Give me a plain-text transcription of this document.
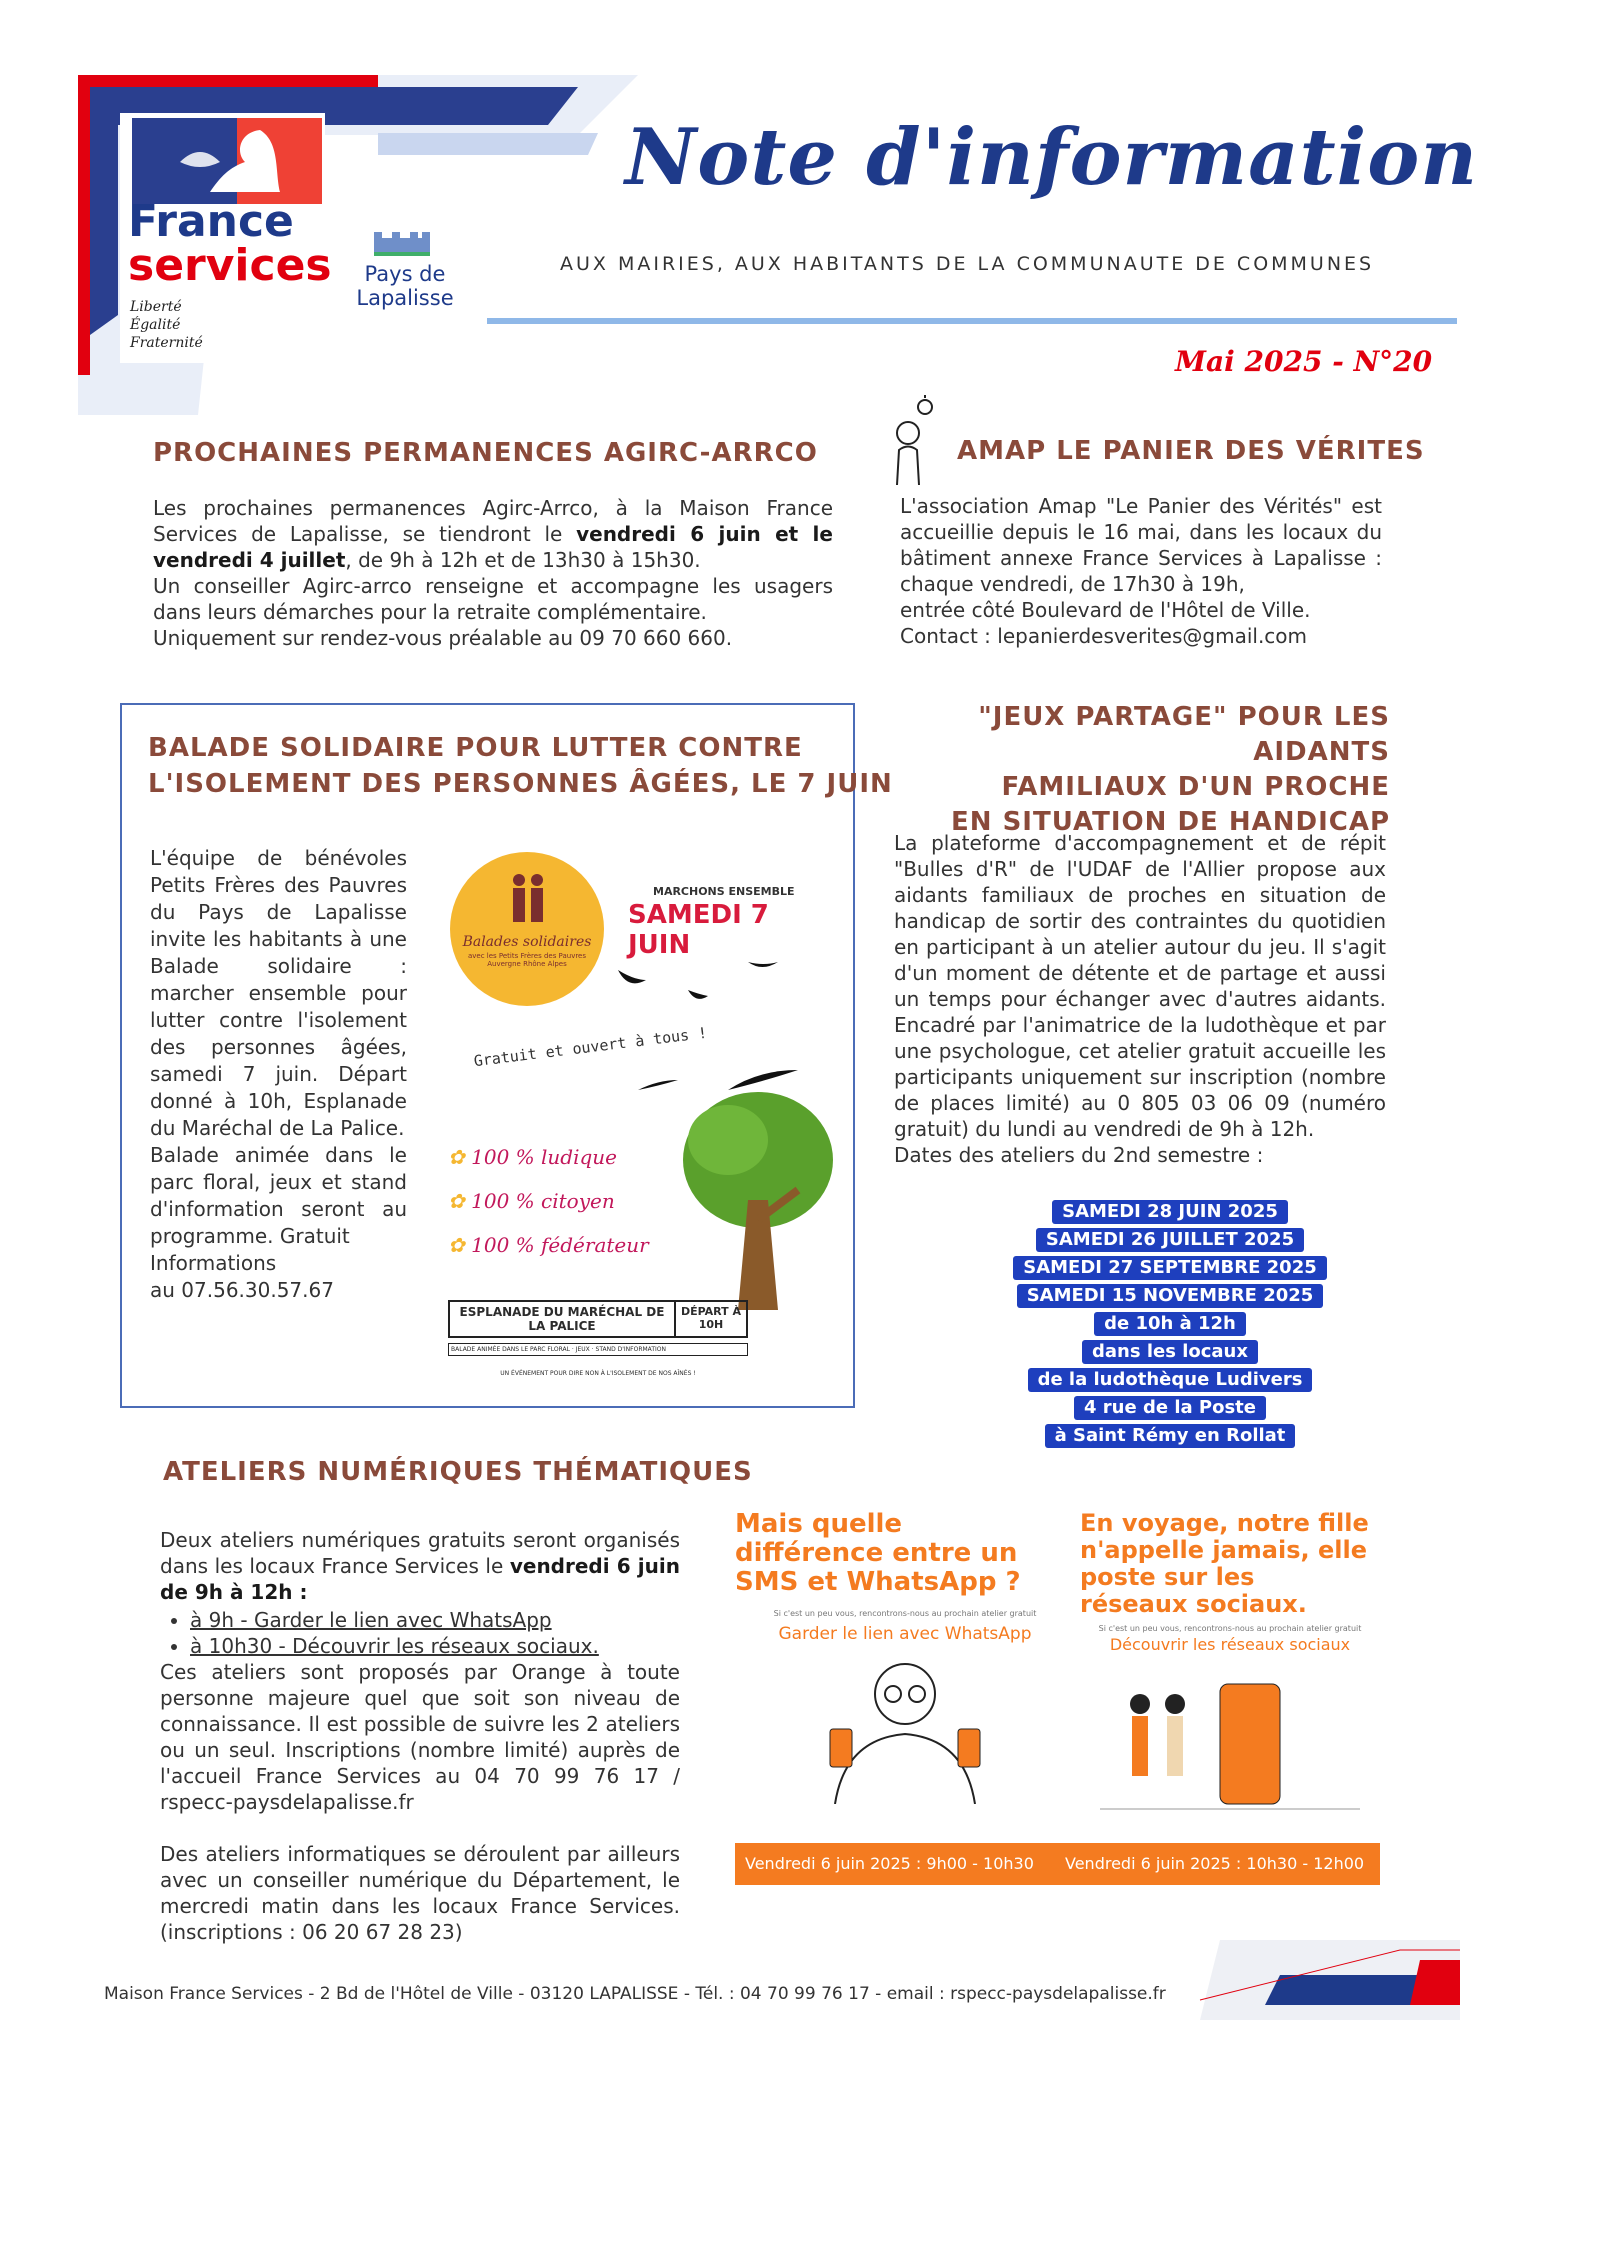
France
services
Liberté
Égalité
Fraternité
Pays de
Lapalisse
Note d'information
AUX MAIRIES, AUX HABITANTS DE LA COMMUNAUTE DE COMMUNES
Mai 2025 - N°20
PROCHAINES PERMANENCES AGIRC-ARRCO
Les prochaines permanences Agirc-Arrco, à la Maison France Services de Lapalisse, se tiendront le vendredi 6 juin et le vendredi 4 juillet, de 9h à 12h et de 13h30 à 15h30.
Un conseiller Agirc-arrco renseigne et accompagne les usagers dans leurs démarches pour la retraite complémentaire.
Uniquement sur rendez-vous préalable au 09 70 660 660.
AMAP LE PANIER DES VÉRITES
L'association Amap "Le Panier des Vérités" est accueillie depuis le 16 mai, dans les locaux du bâtiment annexe France Services à Lapalisse : chaque vendredi, de 17h30 à 19h,
entrée côté Boulevard de l'Hôtel de Ville.
Contact : lepanierdesverites@gmail.com
BALADE SOLIDAIRE POUR LUTTER CONTRE
L'ISOLEMENT DES PERSONNES ÂGÉES, LE 7 JUIN
L'équipe de bénévoles Petits Frères des Pauvres du Pays de Lapalisse invite les habitants à une Balade solidaire : marcher ensemble pour lutter contre l'isolement des personnes âgées, samedi 7 juin. Départ donné à 10h, Esplanade du Maréchal de La Palice.
Balade animée dans le parc floral, jeux et stand d'information seront au programme. Gratuit
Informations
au 07.56.30.57.67
Balades solidaires
avec les Petits Frères des Pauvres Auvergne Rhône Alpes
MARCHONS ENSEMBLE
SAMEDI 7 JUIN
Gratuit et ouvert à tous !
✿ 100 % ludique
✿ 100 % citoyen
✿ 100 % fédérateur
ESPLANADE DU MARÉCHAL DE LA PALICE
DÉPART À 10H
BALADE ANIMÉE DANS LE PARC FLORAL · JEUX · STAND D'INFORMATION
UN ÉVÉNEMENT POUR DIRE NON À L'ISOLEMENT DE NOS AÎNÉS !
"JEUX PARTAGE" POUR LES AIDANTS
FAMILIAUX D'UN PROCHE
EN SITUATION DE HANDICAP
La plateforme d'accompagnement et de répit "Bulles d'R" de l'UDAF de l'Allier propose aux aidants familiaux de proches en situation de handicap de sortir des contraintes du quotidien en participant à un atelier autour du jeu. Il s'agit d'un moment de détente et de partage et aussi un temps pour échanger avec d'autres aidants. Encadré par l'animatrice de la ludothèque et par une psychologue, cet atelier gratuit accueille les participants uniquement sur inscription (nombre de places limité) au 0 805 03 06 09 (numéro gratuit) du lundi au vendredi de 9h à 12h.
Dates des ateliers du 2nd semestre :
SAMEDI 28 JUIN 2025
SAMEDI 26 JUILLET 2025
SAMEDI 27 SEPTEMBRE 2025
SAMEDI 15 NOVEMBRE 2025
de 10h à 12h
dans les locaux
de la ludothèque Ludivers
4 rue de la Poste
à Saint Rémy en Rollat
ATELIERS NUMÉRIQUES THÉMATIQUES
Deux ateliers numériques gratuits seront organisés dans les locaux France Services le vendredi 6 juin de 9h à 12h :
• à 9h - Garder le lien avec WhatsApp
• à 10h30 - Découvrir les réseaux sociaux.
Ces ateliers sont proposés par Orange à toute personne majeure quel que soit son niveau de connaissance. Il est possible de suivre les 2 ateliers ou un seul. Inscriptions (nombre limité) auprès de l'accueil France Services au 04 70 99 76 17 / rspecc-paysdelapalisse.fr

Des ateliers informatiques se déroulent par ailleurs avec un conseiller numérique du Département, le mercredi matin dans les locaux France Services. (inscriptions : 06 20 67 28 23)
Mais quelle différence entre un SMS et WhatsApp ?
Si c'est un peu vous, rencontrons-nous au prochain atelier gratuit
Garder le lien avec WhatsApp
En voyage, notre fille n'appelle jamais, elle poste sur les réseaux sociaux.
Si c'est un peu vous, rencontrons-nous au prochain atelier gratuit
Découvrir les réseaux sociaux
Vendredi 6 juin 2025 : 9h00 - 10h30 Vendredi 6 juin 2025 : 10h30 - 12h00
Maison France Services - 2 Bd de l'Hôtel de Ville - 03120 LAPALISSE - Tél. : 04 70 99 76 17 - email : rspecc-paysdelapalisse.fr
